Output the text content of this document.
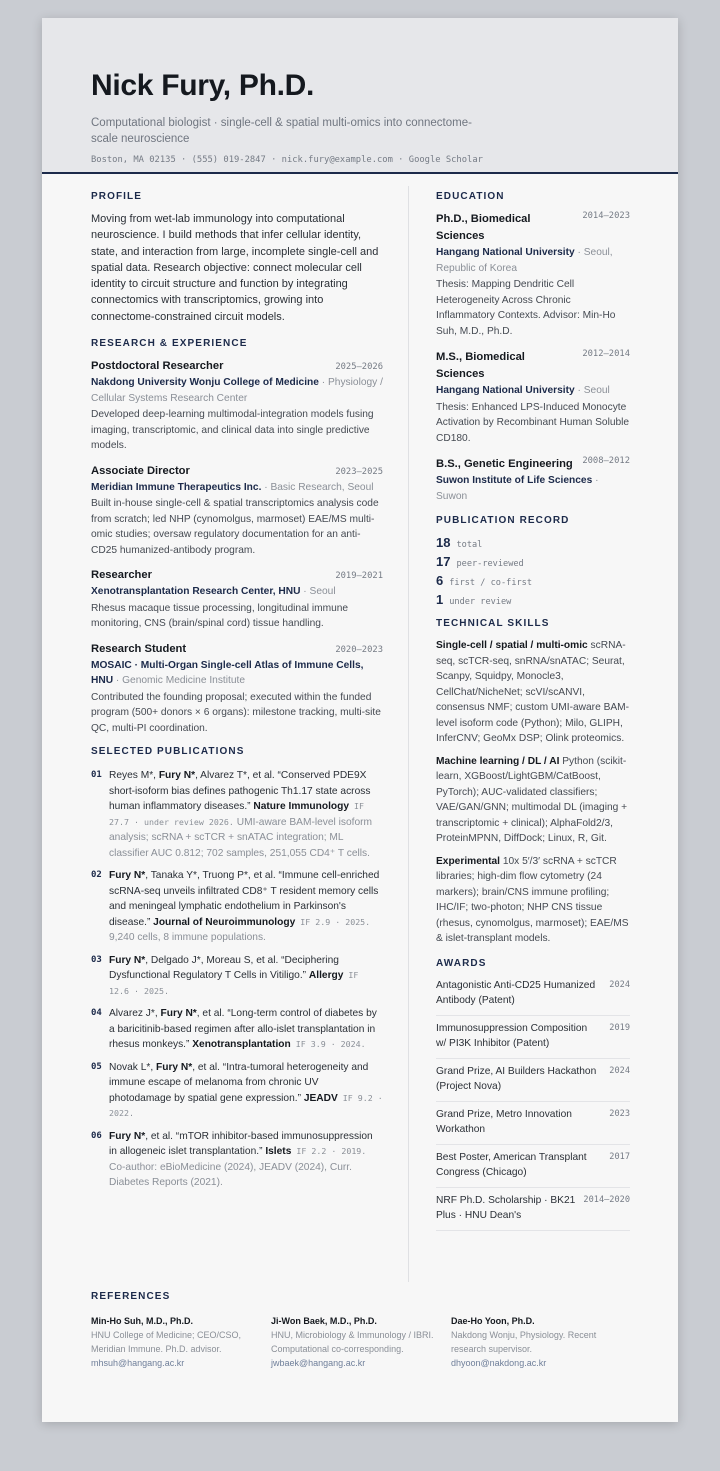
Nick Fury, Ph.D.
Computational biologist · single-cell & spatial multi-omics into connectome-scale neuroscience
Boston, MA 02135 · (555) 019-2847 · nick.fury@example.com · Google Scholar
PROFILE
Moving from wet-lab immunology into computational neuroscience. I build methods that infer cellular identity, state, and interaction from large, incomplete single-cell and spatial data. Research objective: connect molecular cell identity to circuit structure and function by integrating connectomics with transcriptomics, growing into connectome-constrained circuit models.
RESEARCH & EXPERIENCE
Postdoctoral Researcher	2025–2026
Nakdong University Wonju College of Medicine · Physiology / Cellular Systems Research Center
Developed deep-learning multimodal-integration models fusing imaging, transcriptomic, and clinical data into single predictive models.
Associate Director	2023–2025
Meridian Immune Therapeutics Inc. · Basic Research, Seoul
Built in-house single-cell & spatial transcriptomics analysis code from scratch; led NHP (cynomolgus, marmoset) EAE/MS multi-omic studies; oversaw regulatory documentation for an anti-CD25 humanized-antibody program.
Researcher	2019–2021
Xenotransplantation Research Center, HNU · Seoul
Rhesus macaque tissue processing, longitudinal immune monitoring, CNS (brain/spinal cord) tissue handling.
Research Student	2020–2023
MOSAIC · Multi-Organ Single-cell Atlas of Immune Cells, HNU · Genomic Medicine Institute
Contributed the founding proposal; executed within the funded program (500+ donors × 6 organs): milestone tracking, multi-site QC, multi-PI coordination.
SELECTED PUBLICATIONS
01 Reyes M*, Fury N*, Alvarez T*, et al. “Conserved PDE9X short-isoform bias defines pathogenic Th1.17 state across human inflammatory diseases.” Nature Immunology IF 27.7 · under review 2026. UMI-aware BAM-level isoform analysis; scRNA + scTCR + snATAC integration; ML classifier AUC 0.812; 702 samples, 251,055 CD4⁺ T cells.
02 Fury N*, Tanaka Y*, Truong P*, et al. “Immune cell-enriched scRNA-seq unveils infiltrated CD8⁺ T resident memory cells and meningeal lymphatic endothelium in Parkinson's disease.” Journal of Neuroimmunology IF 2.9 · 2025. 9,240 cells, 8 immune populations.
03 Fury N*, Delgado J*, Moreau S, et al. “Deciphering Dysfunctional Regulatory T Cells in Vitiligo.” Allergy IF 12.6 · 2025.
04 Alvarez J*, Fury N*, et al. “Long-term control of diabetes by a baricitinib-based regimen after allo-islet transplantation in rhesus monkeys.” Xenotransplantation IF 3.9 · 2024.
05 Novak L*, Fury N*, et al. “Intra-tumoral heterogeneity and immune escape of melanoma from chronic UV photodamage by spatial gene expression.” JEADV IF 9.2 · 2022.
06 Fury N*, et al. “mTOR inhibitor-based immunosuppression in allogeneic islet transplantation.” Islets IF 2.2 · 2019. Co-author: eBioMedicine (2024), JEADV (2024), Curr. Diabetes Reports (2021).
EDUCATION
Ph.D., Biomedical Sciences
2014–2023
Hangang National University · Seoul, Republic of Korea
Thesis: Mapping Dendritic Cell Heterogeneity Across Chronic Inflammatory Contexts. Advisor: Min-Ho Suh, M.D., Ph.D.
M.S., Biomedical Sciences
2012–2014
Hangang National University · Seoul
Thesis: Enhanced LPS-Induced Monocyte Activation by Recombinant Human Soluble CD180.
B.S., Genetic Engineering	2008–2012
Suwon Institute of Life Sciences · Suwon
PUBLICATION RECORD
18 total
17 peer-reviewed
6 first / co-first
1 under review
TECHNICAL SKILLS
Single-cell / spatial / multi-omic scRNA-seq, scTCR-seq, snRNA/snATAC; Seurat, Scanpy, Squidpy, Monocle3, CellChat/NicheNet; scVI/scANVI, consensus NMF; custom UMI-aware BAM-level isoform code (Python); Milo, GLIPH, InferCNV; GeoMx DSP; Olink proteomics.
Machine learning / DL / AI Python (scikit-learn, XGBoost/LightGBM/CatBoost, PyTorch); AUC-validated classifiers; VAE/GAN/GNN; multimodal DL (imaging + transcriptomic + clinical); AlphaFold2/3, ProteinMPNN, DiffDock; Linux, R, Git.
Experimental 10x 5′/3′ scRNA + scTCR libraries; high-dim flow cytometry (24 markers); brain/CNS immune profiling; IHC/IF; two-photon; NHP CNS tissue (rhesus, cynomolgus, marmoset); EAE/MS & islet-transplant models.
AWARDS
Antagonistic Anti-CD25 Humanized Antibody (Patent)
2024
Immunosuppression Composition w/ PI3K Inhibitor (Patent)
2019
Grand Prize, AI Builders Hackathon (Project Nova)
2024
Grand Prize, Metro Innovation Workathon
2023
Best Poster, American Transplant Congress (Chicago)
2017
NRF Ph.D. Scholarship · BK21 Plus · HNU Dean's
2014–2020
REFERENCES
Min-Ho Suh, M.D., Ph.D.
HNU College of Medicine; CEO/CSO, Meridian Immune. Ph.D. advisor.
mhsuh@hangang.ac.kr
Ji-Won Baek, M.D., Ph.D.
HNU, Microbiology & Immunology / IBRI. Computational co-corresponding.
jwbaek@hangang.ac.kr
Dae-Ho Yoon, Ph.D.
Nakdong Wonju, Physiology. Recent research supervisor.
dhyoon@nakdong.ac.kr
